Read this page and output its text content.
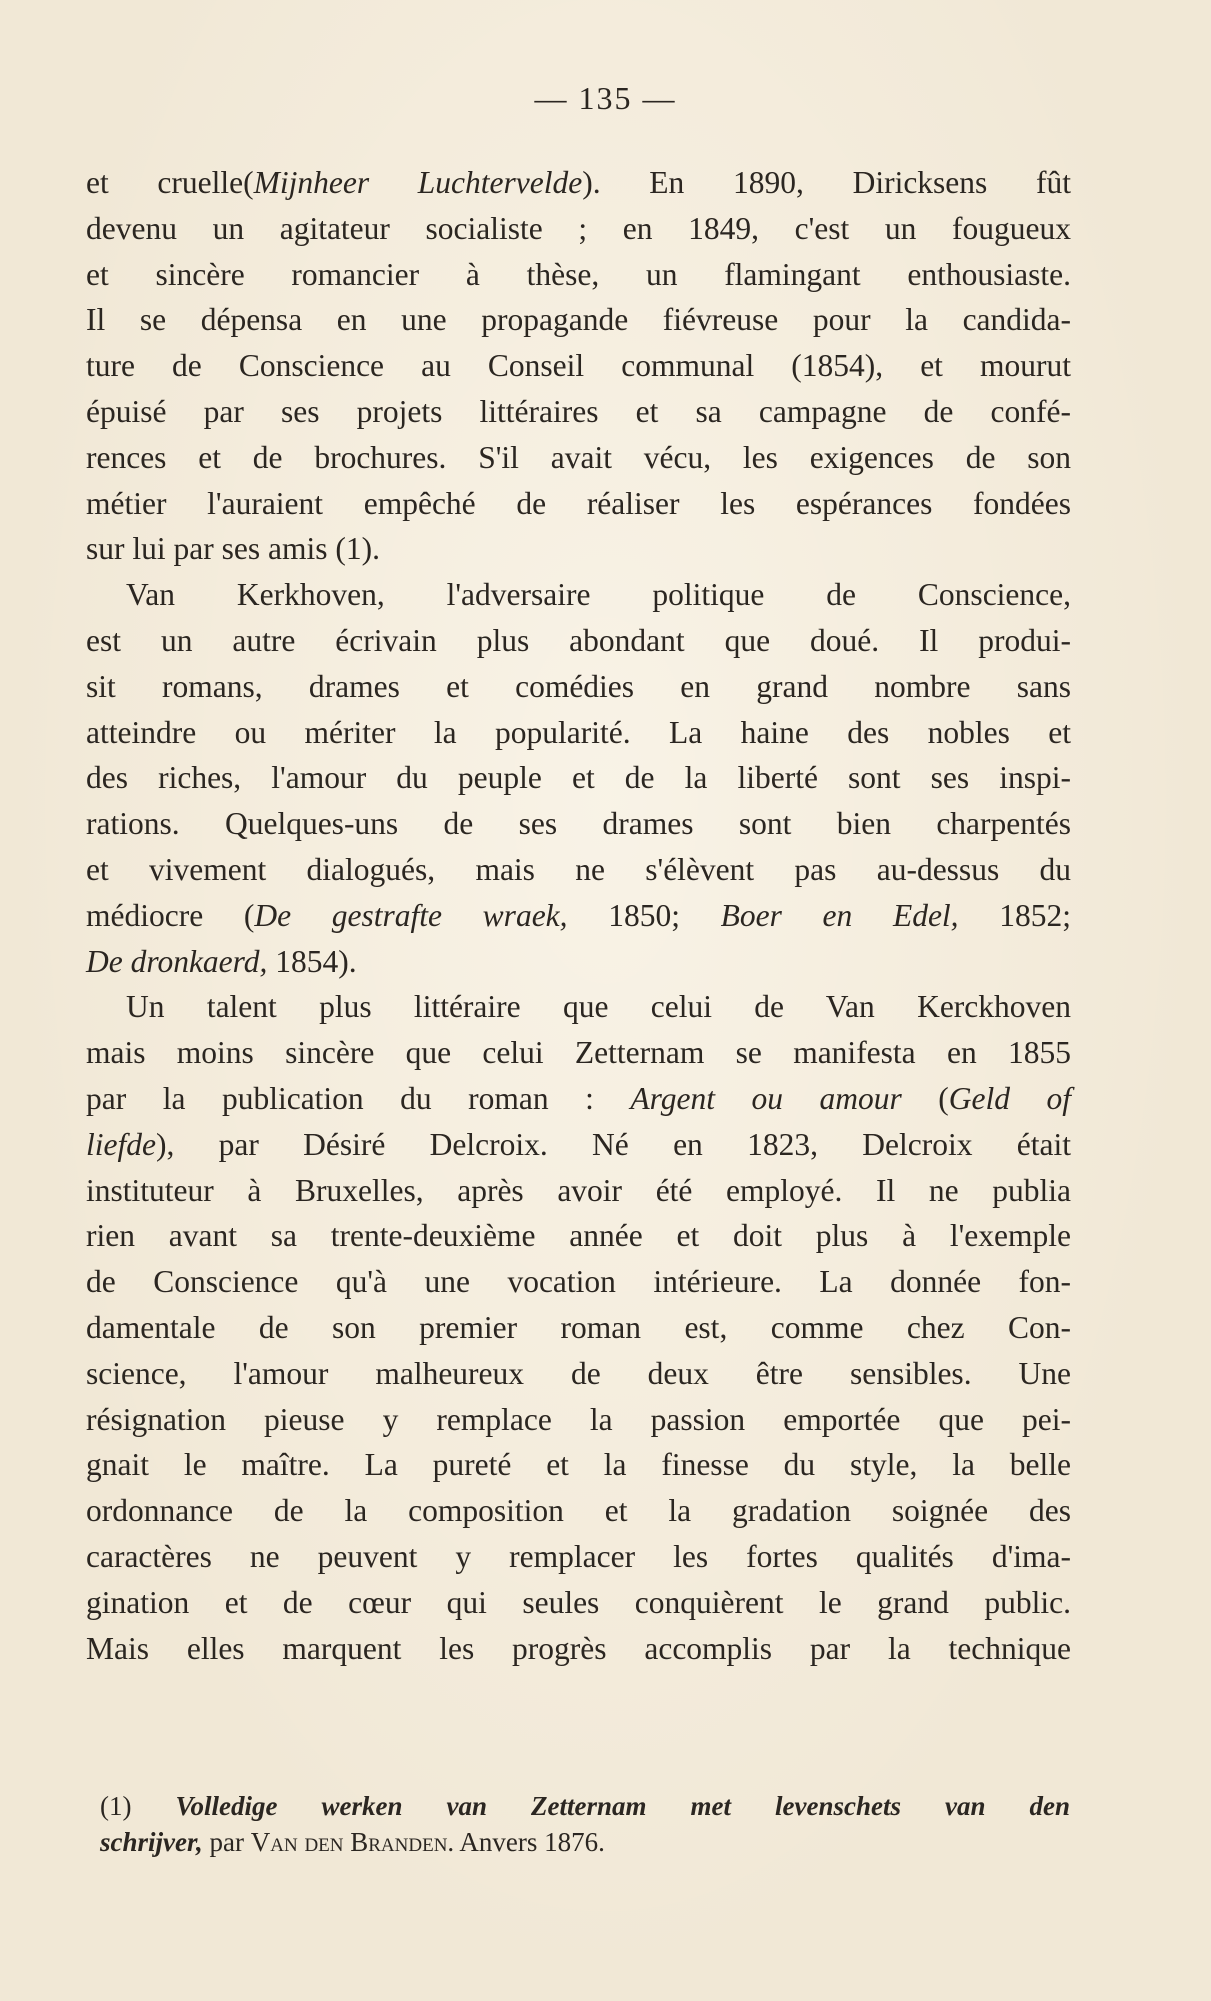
— 135 —
et cruelle(Mijnheer Luchtervelde). En 1890, Diricksens fût
devenu un agitateur socialiste ; en 1849, c'est un fougueux
et sincère romancier à thèse, un flamingant enthousiaste.
Il se dépensa en une propagande fiévreuse pour la candida-
ture de Conscience au Conseil communal (1854), et mourut
épuisé par ses projets littéraires et sa campagne de confé-
rences et de brochures. S'il avait vécu, les exigences de son
métier l'auraient empêché de réaliser les espérances fondées
sur lui par ses amis (1).
Van Kerkhoven, l'adversaire politique de Conscience,
est un autre écrivain plus abondant que doué. Il produi-
sit romans, drames et comédies en grand nombre sans
atteindre ou mériter la popularité. La haine des nobles et
des riches, l'amour du peuple et de la liberté sont ses inspi-
rations. Quelques-uns de ses drames sont bien charpentés
et vivement dialogués, mais ne s'élèvent pas au-dessus du
médiocre (De gestrafte wraek, 1850; Boer en Edel, 1852;
De dronkaerd, 1854).
Un talent plus littéraire que celui de Van Kerckhoven
mais moins sincère que celui Zetternam se manifesta en 1855
par la publication du roman : Argent ou amour (Geld of
liefde), par Désiré Delcroix. Né en 1823, Delcroix était
instituteur à Bruxelles, après avoir été employé. Il ne publia
rien avant sa trente-deuxième année et doit plus à l'exemple
de Conscience qu'à une vocation intérieure. La donnée fon-
damentale de son premier roman est, comme chez Con-
science, l'amour malheureux de deux être sensibles. Une
résignation pieuse y remplace la passion emportée que pei-
gnait le maître. La pureté et la finesse du style, la belle
ordonnance de la composition et la gradation soignée des
caractères ne peuvent y remplacer les fortes qualités d'ima-
gination et de cœur qui seules conquièrent le grand public.
Mais elles marquent les progrès accomplis par la technique
(1) Volledige werken van Zetternam met levenschets van den
schrijver, par Van den Branden. Anvers 1876.
